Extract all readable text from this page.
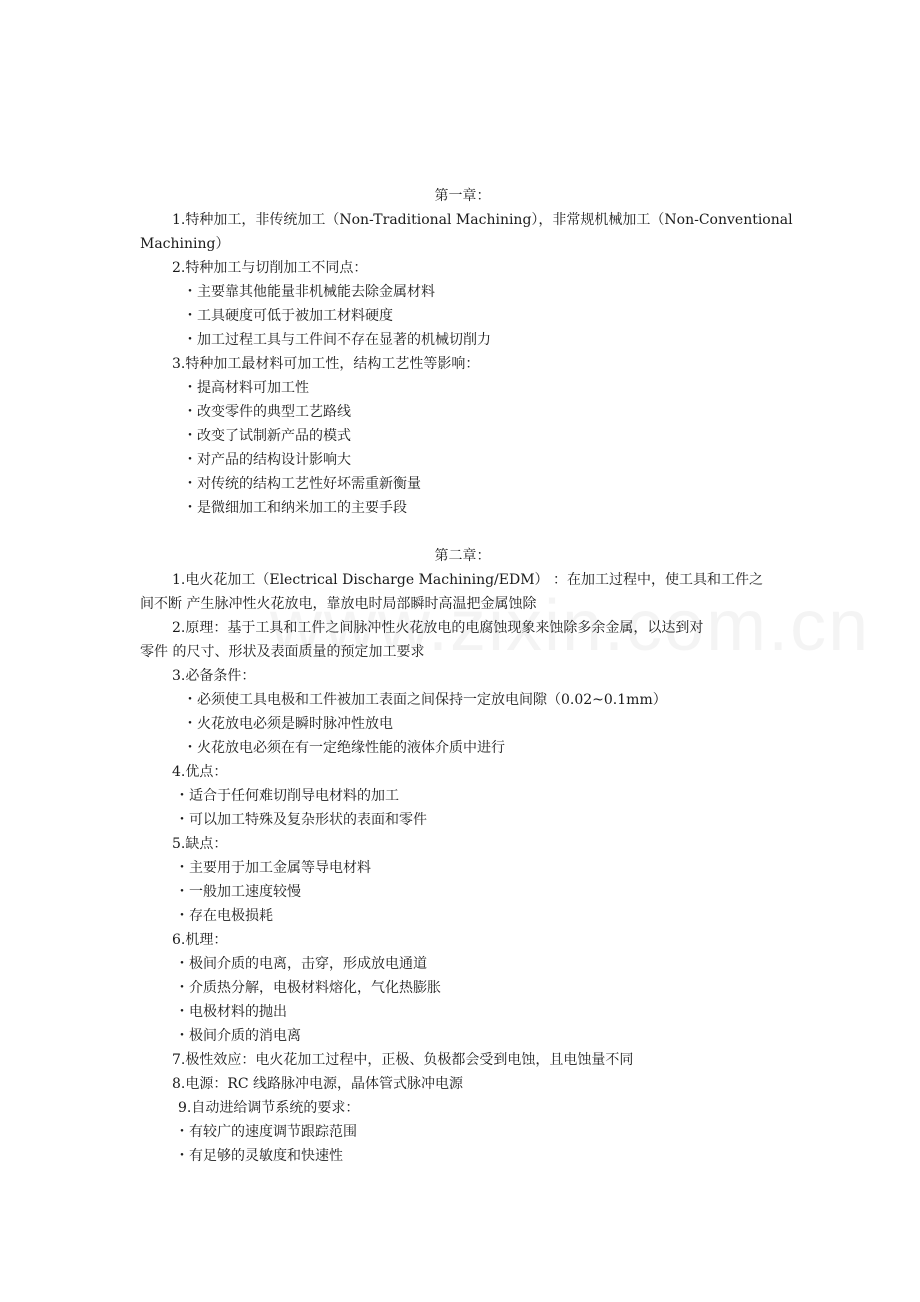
第一章：
1.特种加工，非传统加工（Non-Traditional Machining），非常规机械加工（Non-Conventional
Machining）
2.特种加工与切削加工不同点：
・主要靠其他能量非机械能去除金属材料
・工具硬度可低于被加工材料硬度
・加工过程工具与工件间不存在显著的机械切削力
3.特种加工最材料可加工性，结构工艺性等影响：
・提高材料可加工性
・改变零件的典型工艺路线
・改变了试制新产品的模式
・对产品的结构设计影响大
・对传统的结构工艺性好坏需重新衡量
・是微细加工和纳米加工的主要手段
第二章：
1.电火花加工（Electrical Discharge Machining/EDM） ：在加工过程中，使工具和工件之
间不断 产生脉冲性火花放电，靠放电时局部瞬时高温把金属蚀除
2.原理：基于工具和工件之间脉冲性火花放电的电腐蚀现象来蚀除多余金属，以达到对
零件 的尺寸、形状及表面质量的预定加工要求
3.必备条件：
・必须使工具电极和工件被加工表面之间保持一定放电间隙（0.02~0.1mm）
・火花放电必须是瞬时脉冲性放电
・火花放电必须在有一定绝缘性能的液体介质中进行
4.优点：
・适合于任何难切削导电材料的加工
・可以加工特殊及复杂形状的表面和零件
5.缺点：
・主要用于加工金属等导电材料
・一般加工速度较慢
・存在电极损耗
6.机理：
・极间介质的电离，击穿，形成放电通道
・介质热分解，电极材料熔化，气化热膨胀
・电极材料的抛出
・极间介质的消电离
7.极性效应：电火花加工过程中，正极、负极都会受到电蚀，且电蚀量不同
8.电源：RC 线路脉冲电源，晶体管式脉冲电源
9.自动进给调节系统的要求：
・有较广的速度调节跟踪范围
・有足够的灵敏度和快速性
